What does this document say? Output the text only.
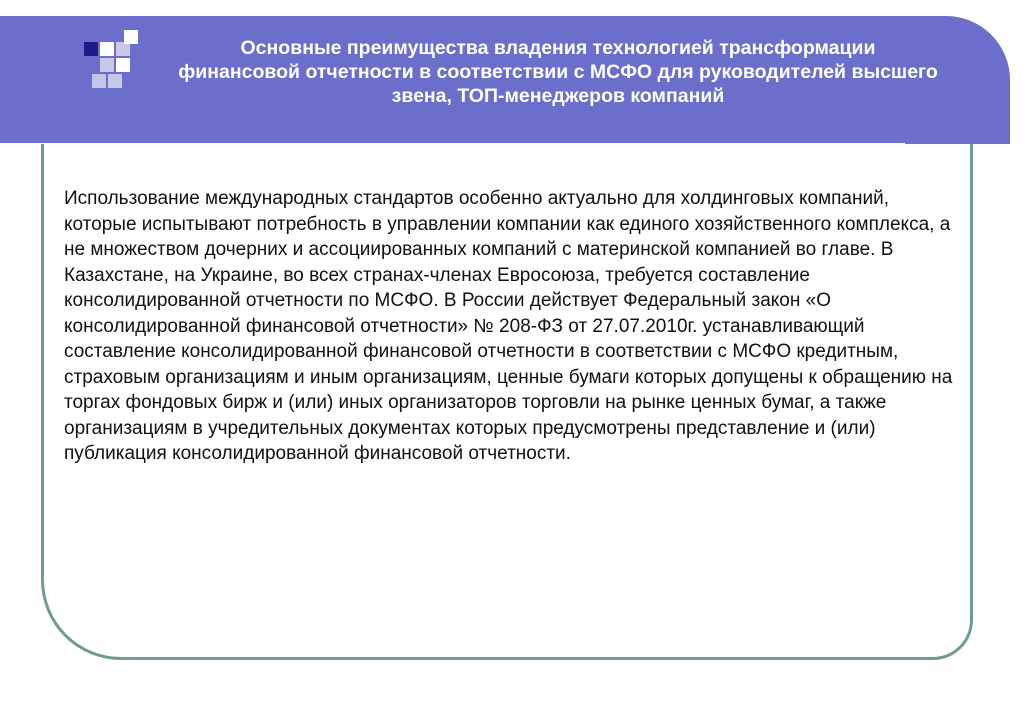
Основные преимущества владения технологией трансформации финансовой отчетности в соответствии с МСФО для руководителей высшего звена, ТОП-менеджеров компаний

Использование международных стандартов особенно актуально для холдинговых компаний, которые испытывают потребность в управлении компании как единого хозяйственного комплекса, а не множеством дочерних и ассоциированных компаний с материнской компанией во главе. В Казахстане, на Украине, во всех странах-членах Евросоюза, требуется составление консолидированной отчетности по МСФО. В России действует Федеральный закон «О консолидированной финансовой отчетности» № 208-ФЗ от 27.07.2010г. устанавливающий составление консолидированной финансовой отчетности в соответствии с МСФО кредитным, страховым организациям и иным организациям, ценные бумаги которых допущены к обращению на торгах фондовых бирж и (или) иных организаторов торговли на рынке ценных бумаг, а также организациям в учредительных документах которых предусмотрены представление и (или) публикация консолидированной финансовой отчетности.
